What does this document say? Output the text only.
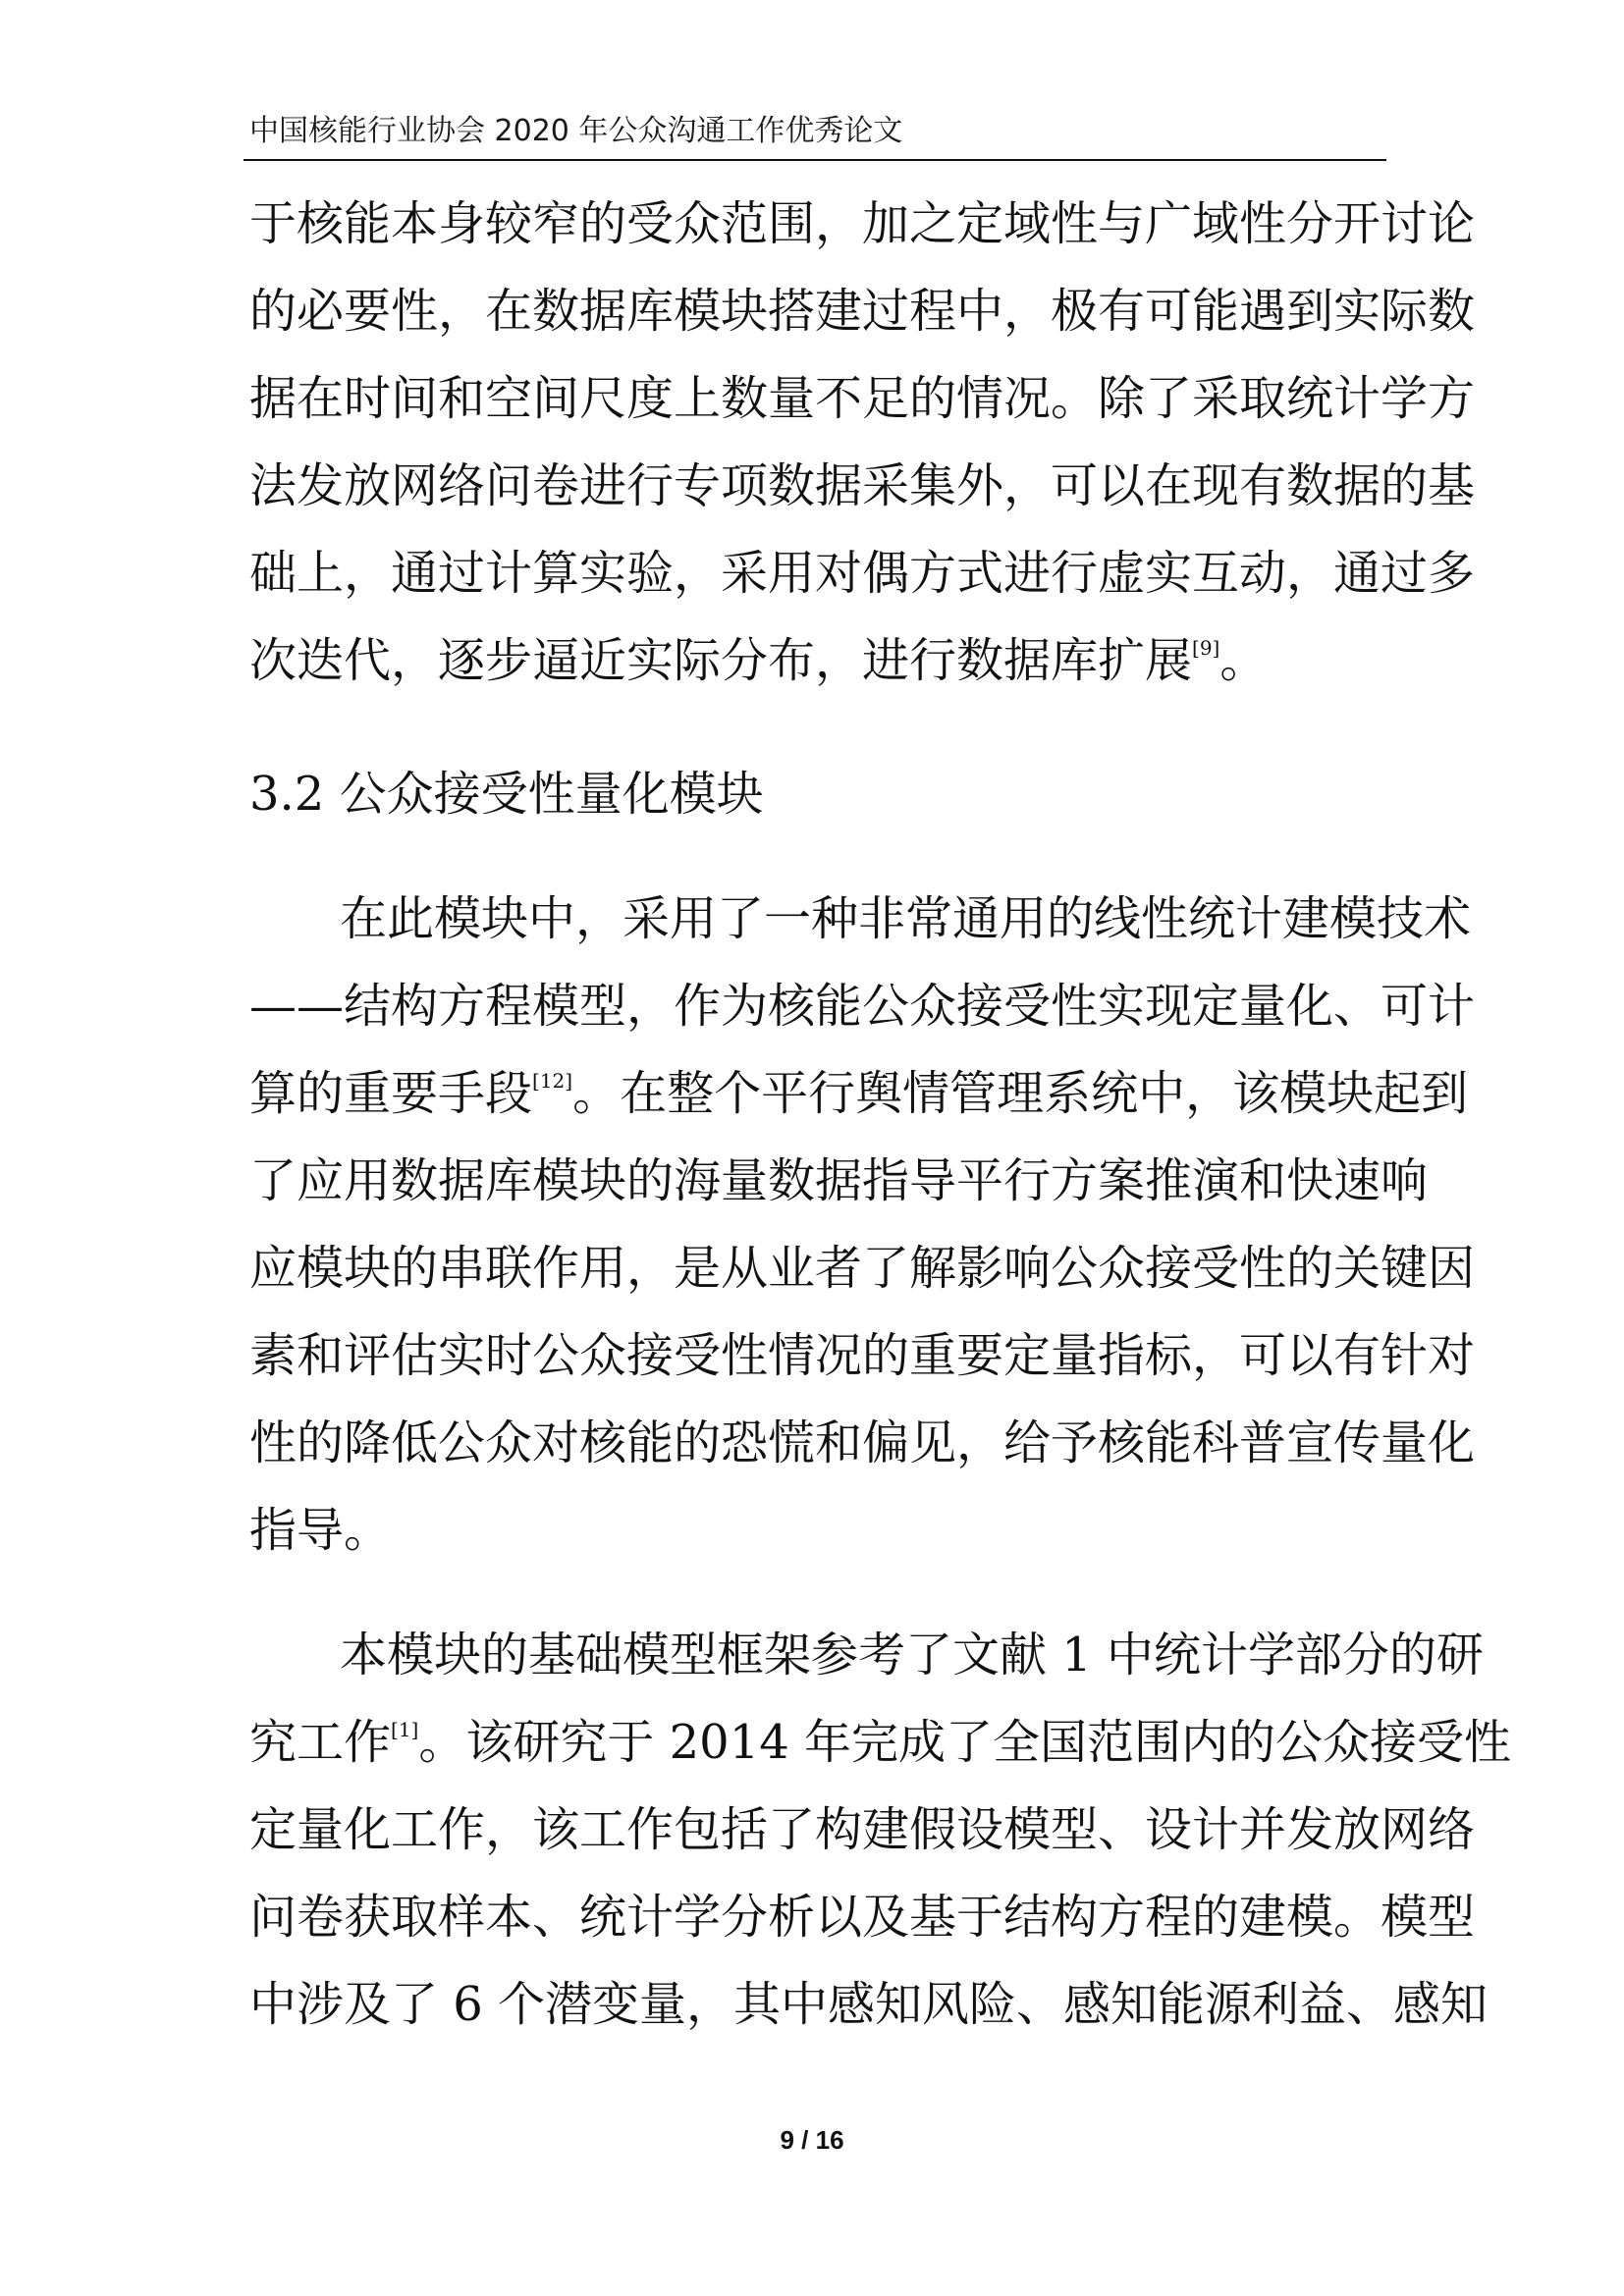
中国核能行业协会 2020 年公众沟通工作优秀论文
于核能本身较窄的受众范围，加之定域性与广域性分开讨论
的必要性，在数据库模块搭建过程中，极有可能遇到实际数
据在时间和空间尺度上数量不足的情况。除了采取统计学方
法发放网络问卷进行专项数据采集外，可以在现有数据的基
础上，通过计算实验，采用对偶方式进行虚实互动，通过多
次迭代，逐步逼近实际分布，进行数据库扩展[9]。
3.2 公众接受性量化模块
在此模块中，采用了一种非常通用的线性统计建模技术
——结构方程模型，作为核能公众接受性实现定量化、可计
算的重要手段[12]。在整个平行舆情管理系统中，该模块起到
了应用数据库模块的海量数据指导平行方案推演和快速响
应模块的串联作用，是从业者了解影响公众接受性的关键因
素和评估实时公众接受性情况的重要定量指标，可以有针对
性的降低公众对核能的恐慌和偏见，给予核能科普宣传量化
指导。
本模块的基础模型框架参考了文献 1 中统计学部分的研
究工作[1]。该研究于 2014 年完成了全国范围内的公众接受性
定量化工作，该工作包括了构建假设模型、设计并发放网络
问卷获取样本、统计学分析以及基于结构方程的建模。模型
中涉及了 6 个潜变量，其中感知风险、感知能源利益、感知
9 / 16
